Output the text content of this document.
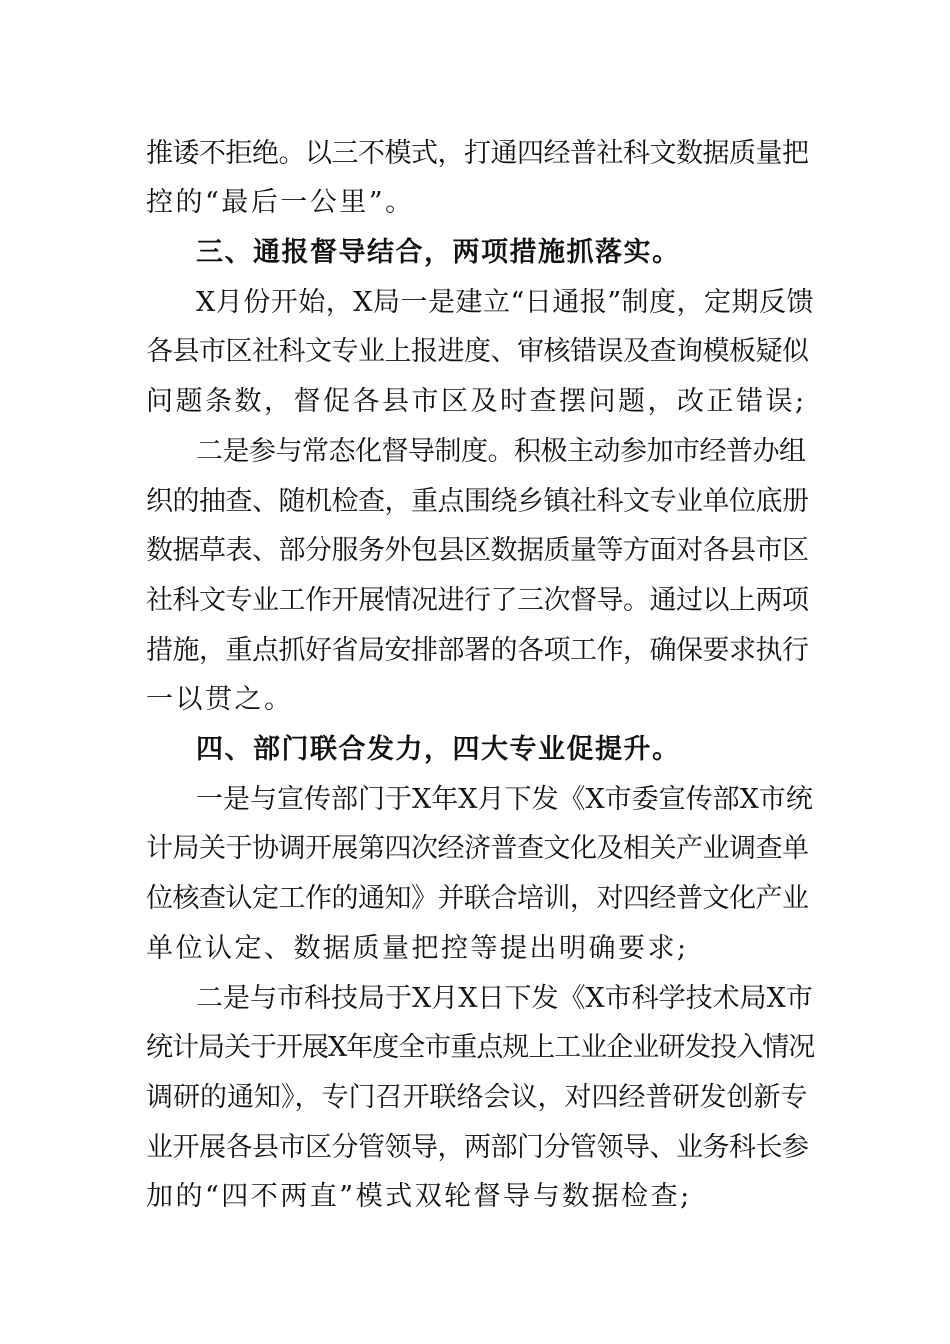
推诿不拒绝。以三不模式，打通四经普社科文数据质量把
控的“最后一公里”。
三、通报督导结合，两项措施抓落实。
X月份开始，X局一是建立“日通报”制度，定期反馈
各县市区社科文专业上报进度、审核错误及查询模板疑似
问题条数，督促各县市区及时查摆问题，改正错误;
二是参与常态化督导制度。积极主动参加市经普办组
织的抽查、随机检查，重点围绕乡镇社科文专业单位底册
数据草表、部分服务外包县区数据质量等方面对各县市区
社科文专业工作开展情况进行了三次督导。通过以上两项
措施，重点抓好省局安排部署的各项工作，确保要求执行
一以贯之。
四、部门联合发力，四大专业促提升。
一是与宣传部门于X年X月下发《X市委宣传部X市统
计局关于协调开展第四次经济普查文化及相关产业调查单
位核查认定工作的通知》并联合培训，对四经普文化产业
单位认定、数据质量把控等提出明确要求;
二是与市科技局于X月X日下发《X市科学技术局X市
统计局关于开展X年度全市重点规上工业企业研发投入情况
调研的通知》，专门召开联络会议，对四经普研发创新专
业开展各县市区分管领导，两部门分管领导、业务科长参
加的“四不两直”模式双轮督导与数据检查;
